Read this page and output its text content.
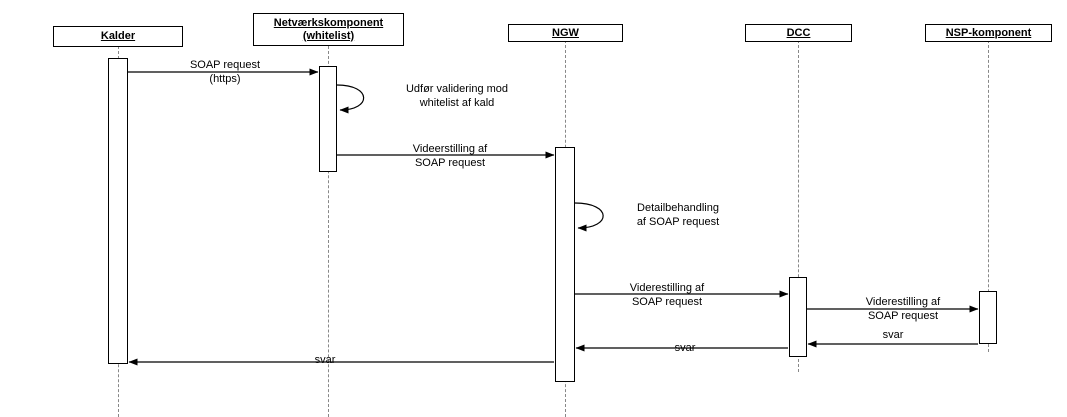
Kalder
Netværkskomponent
(whitelist)	NGW	DCC	NSP-komponent
SOAP request
(https)
Udfør validering mod
whitelist af kald
Videerstilling af
SOAP request
Detailbehandling
af SOAP request
Viderestilling af
SOAP request	Viderestilling af
SOAP request
svar
svar
svar
